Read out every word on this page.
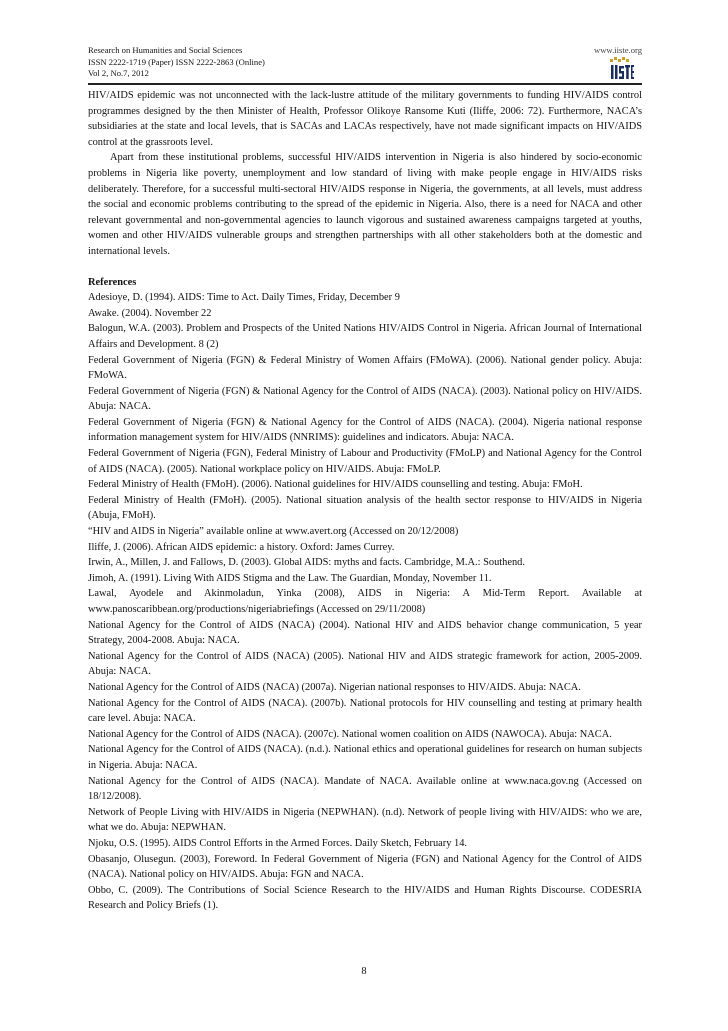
Research on Humanities and Social Sciences
ISSN 2222-1719 (Paper) ISSN 2222-2863 (Online)
Vol 2, No.7, 2012
www.iiste.org

HIV/AIDS epidemic was not unconnected with the lack-lustre attitude of the military governments to funding HIV/AIDS control programmes designed by the then Minister of Health, Professor Olikoye Ransome Kuti (Iliffe, 2006: 72). Furthermore, NACA’s subsidiaries at the state and local levels, that is SACAs and LACAs respectively, have not made significant impacts on HIV/AIDS control at the grassroots level.

Apart from these institutional problems, successful HIV/AIDS intervention in Nigeria is also hindered by socio-economic problems in Nigeria like poverty, unemployment and low standard of living with make people engage in HIV/AIDS risks deliberately. Therefore, for a successful multi-sectoral HIV/AIDS response in Nigeria, the governments, at all levels, must address the social and economic problems contributing to the spread of the epidemic in Nigeria. Also, there is a need for NACA and other relevant governmental and non-governmental agencies to launch vigorous and sustained awareness campaigns targeted at youths, women and other HIV/AIDS vulnerable groups and strengthen partnerships with all other stakeholders both at the domestic and international levels.

References

Adesioye, D. (1994). AIDS: Time to Act. Daily Times, Friday, December 9

Awake. (2004). November 22

Balogun, W.A. (2003). Problem and Prospects of the United Nations HIV/AIDS Control in Nigeria. African Journal of International Affairs and Development. 8 (2)

Federal Government of Nigeria (FGN) & Federal Ministry of Women Affairs (FMoWA). (2006). National gender policy. Abuja: FMoWA.

Federal Government of Nigeria (FGN) & National Agency for the Control of AIDS (NACA). (2003). National policy on HIV/AIDS. Abuja: NACA.

Federal Government of Nigeria (FGN) & National Agency for the Control of AIDS (NACA). (2004). Nigeria national response information management system for HIV/AIDS (NNRIMS): guidelines and indicators. Abuja: NACA.

Federal Government of Nigeria (FGN), Federal Ministry of Labour and Productivity (FMoLP) and National Agency for the Control of AIDS (NACA). (2005). National workplace policy on HIV/AIDS. Abuja: FMoLP.

Federal Ministry of Health (FMoH). (2006). National guidelines for HIV/AIDS counselling and testing. Abuja: FMoH.

Federal Ministry of Health (FMoH). (2005). National situation analysis of the health sector response to HIV/AIDS in Nigeria (Abuja, FMoH).

“HIV and AIDS in Nigeria” available online at www.avert.org (Accessed on 20/12/2008)

Iliffe, J. (2006). African AIDS epidemic: a history. Oxford: James Currey.

Irwin, A., Millen, J. and Fallows, D. (2003). Global AIDS: myths and facts. Cambridge, M.A.: Southend.

Jimoh, A. (1991). Living With AIDS Stigma and the Law. The Guardian, Monday, November 11.

Lawal, Ayodele and Akinmoladun, Yinka (2008), AIDS in Nigeria: A Mid-Term Report. Available at www.panoscaribbean.org/productions/nigeriabriefings (Accessed on 29/11/2008)

National Agency for the Control of AIDS (NACA) (2004). National HIV and AIDS behavior change communication, 5 year Strategy, 2004-2008. Abuja: NACA.

National Agency for the Control of AIDS (NACA) (2005). National HIV and AIDS strategic framework for action, 2005-2009. Abuja: NACA.

National Agency for the Control of AIDS (NACA) (2007a). Nigerian national responses to HIV/AIDS. Abuja: NACA.

National Agency for the Control of AIDS (NACA). (2007b). National protocols for HIV counselling and testing at primary health care level. Abuja: NACA.

National Agency for the Control of AIDS (NACA). (2007c). National women coalition on AIDS (NAWOCA). Abuja: NACA.

National Agency for the Control of AIDS (NACA). (n.d.). National ethics and operational guidelines for research on human subjects in Nigeria. Abuja: NACA.

National Agency for the Control of AIDS (NACA). Mandate of NACA. Available online at www.naca.gov.ng (Accessed on 18/12/2008).

Network of People Living with HIV/AIDS in Nigeria (NEPWHAN). (n.d). Network of people living with HIV/AIDS: who we are, what we do. Abuja: NEPWHAN.

Njoku, O.S. (1995). AIDS Control Efforts in the Armed Forces. Daily Sketch, February 14.

Obasanjo, Olusegun. (2003), Foreword. In Federal Government of Nigeria (FGN) and National Agency for the Control of AIDS (NACA). National policy on HIV/AIDS. Abuja: FGN and NACA.

Obbo, C. (2009). The Contributions of Social Science Research to the HIV/AIDS and Human Rights Discourse. CODESRIA Research and Policy Briefs (1).

8
